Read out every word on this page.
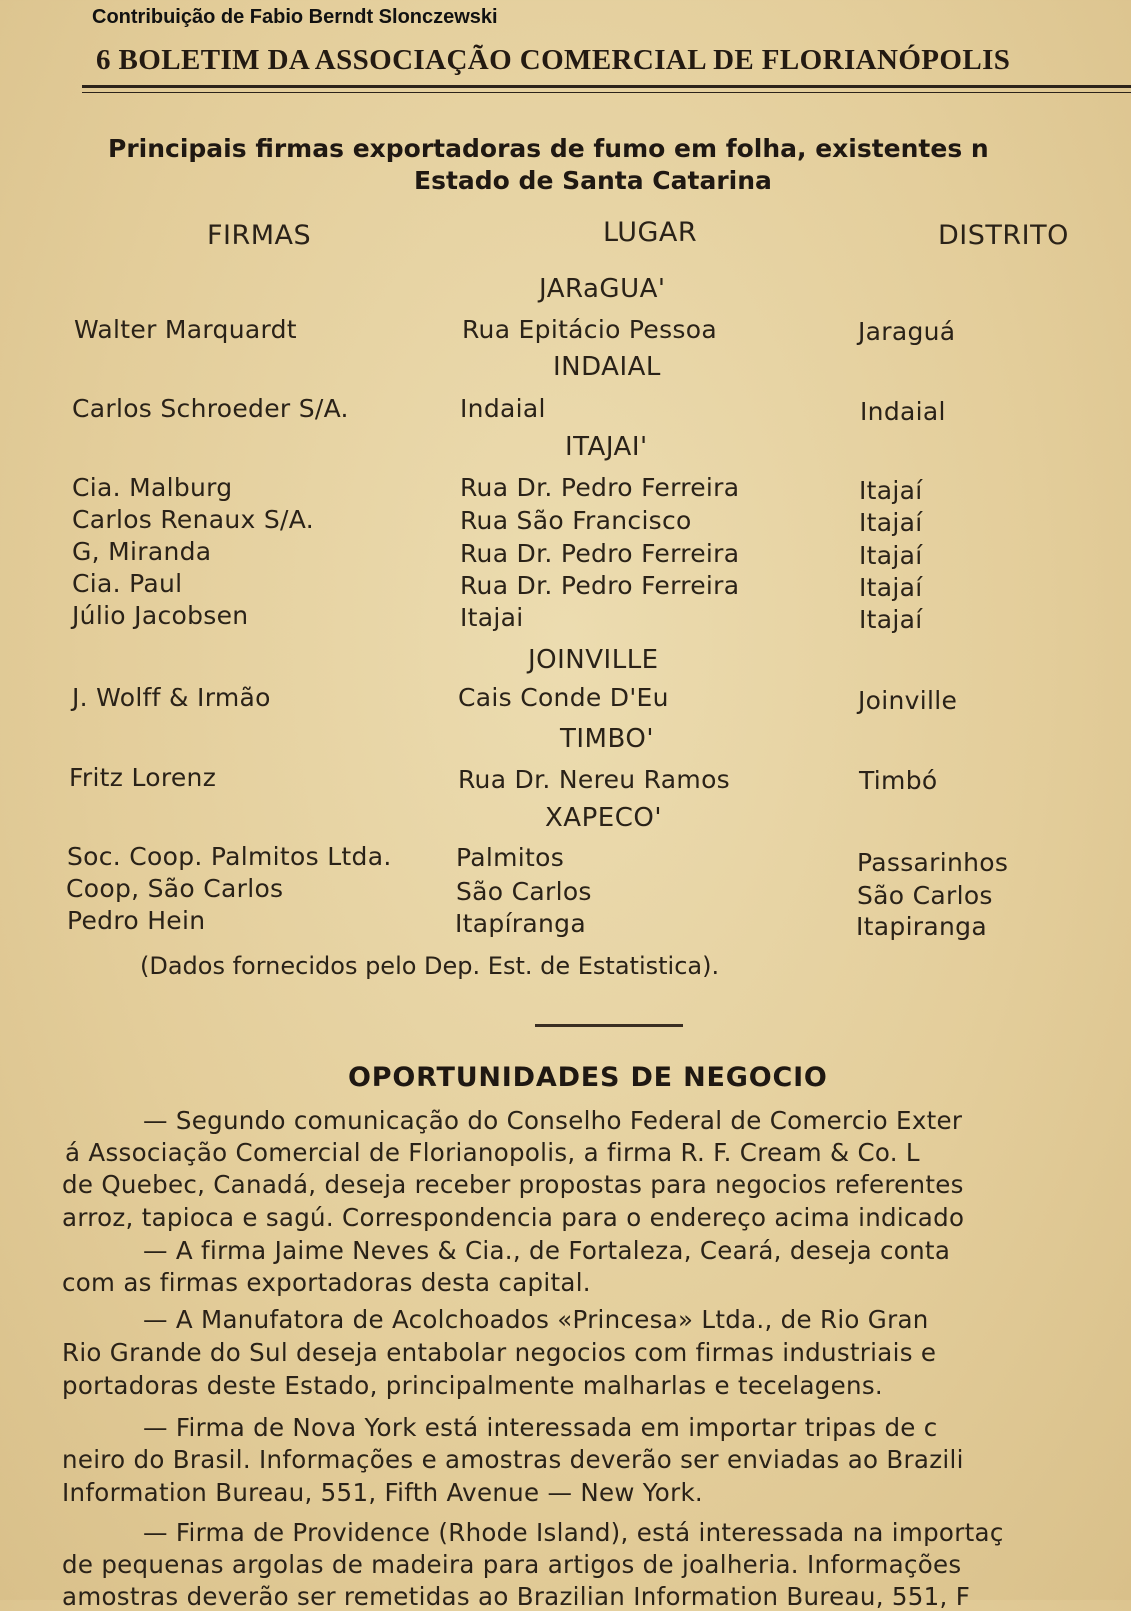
Contribuição de Fabio Berndt Slonczewski
6 BOLETIM DA ASSOCIAÇÃO COMERCIAL DE FLORIANÓPOLIS
Principais firmas exportadoras de fumo em folha, existentes n
Estado de Santa Catarina
FIRMAS	LUGAR	DISTRITO
JARaGUA'
Walter Marquardt	Rua Epitácio Pessoa	Jaraguá
INDAIAL
Carlos Schroeder S/A.	Indaial	Indaial
ITAJAI'
Cia. Malburg	Rua Dr. Pedro Ferreira	Itajaí
Carlos Renaux S/A.	Rua São Francisco	Itajaí
G, Miranda	Rua Dr. Pedro Ferreira	Itajaí
Cia. Paul	Rua Dr. Pedro Ferreira	Itajaí
Júlio Jacobsen	Itajai	Itajaí
JOINVILLE
J. Wolff & Irmão	Cais Conde D'Eu	Joinville
TIMBO'
Fritz Lorenz	Rua Dr. Nereu Ramos	Timbó
XAPECO'
Soc. Coop. Palmitos Ltda.	Palmitos	Passarinhos
Coop, São Carlos	São Carlos	São Carlos
Pedro Hein	Itapíranga	Itapiranga
(Dados fornecidos pelo Dep. Est. de Estatistica).
OPORTUNIDADES DE NEGOCIO
— Segundo comunicação do Conselho Federal de Comercio Exter
á Associação Comercial de Florianopolis, a firma R. F. Cream & Co. L
de Quebec, Canadá, deseja receber propostas para negocios referentes
arroz, tapioca e sagú. Correspondencia para o endereço acima indicado
— A firma Jaime Neves & Cia., de Fortaleza, Ceará, deseja conta
com as firmas exportadoras desta capital.
— A Manufatora de Acolchoados «Princesa» Ltda., de Rio Gran
Rio Grande do Sul deseja entabolar negocios com firmas industriais e
portadoras deste Estado, principalmente malharlas e tecelagens.
— Firma de Nova York está interessada em importar tripas de c
neiro do Brasil. Informações e amostras deverão ser enviadas ao Brazili
Information Bureau, 551, Fifth Avenue — New York.
— Firma de Providence (Rhode Island), está interessada na importaç
de pequenas argolas de madeira para artigos de joalheria. Informações
amostras deverão ser remetidas ao Brazilian Information Bureau, 551, F
